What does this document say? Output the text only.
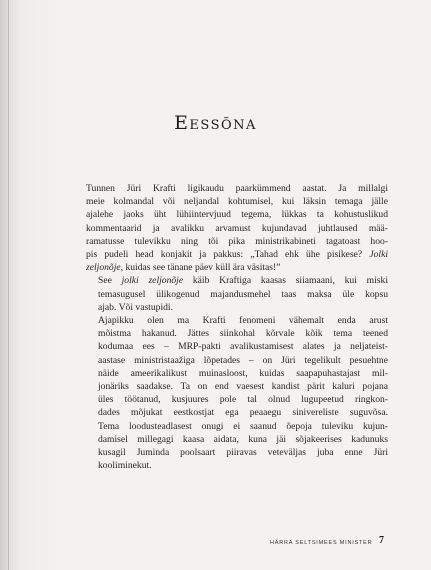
Eessõna

Tunnen Jüri Krafti ligikaudu paarkümmend aastat. Ja millalgi
meie kolmandal või neljandal kohtumisel, kui läksin temaga jälle
ajalehe jaoks üht lühiintervjuud tegema, lükkas ta kohustuslikud
kommentaarid ja avalikku arvamust kujundavad juhtlaused mää-
ramatusse tulevikku ning tõi pika ministrikabineti tagatoast hoo-
pis pudeli head konjakit ja pakkus: „Tahad ehk ühe pisikese? Jolki
zeljonõje, kuidas see tänane päev küll ära väsitas!”

See jolki zeljonõje käib Kraftiga kaasas siiamaani, kui miski
temasugusel ülikogenud majandusmehel taas maksa üle kopsu
ajab. Või vastupidi.

Ajapikku olen ma Krafti fenomeni vähemalt enda arust
mõistma hakanud. Jättes siinkohal kõrvale kõik tema teened
kodumaa ees – MRP-pakti avalikustamisest alates ja neljateist-
aastase ministristaažiga lõpetades – on Jüri tegelikult pesuehtne
näide ameerikalikust muinasloost, kuidas saapapuhastajast mil-
jonäriks saadakse. Ta on end vaesest kandist pärit kaluri pojana
üles töötanud, kusjuures pole tal olnud lugupeetud ringkon-
dades mõjukat eestkostjat ega peaaegu sinivereliste suguvõsa.
Tema loodusteadlasest onugi ei saanud õepoja tuleviku kujun-
damisel millegagi kaasa aidata, kuna jäi sõjakeerises kadunuks
kusagil Juminda poolsaart piiravas veteväljas juba enne Jüri
kooliminekut.

HÄRRA SELTSIMEES MINISTER 7
